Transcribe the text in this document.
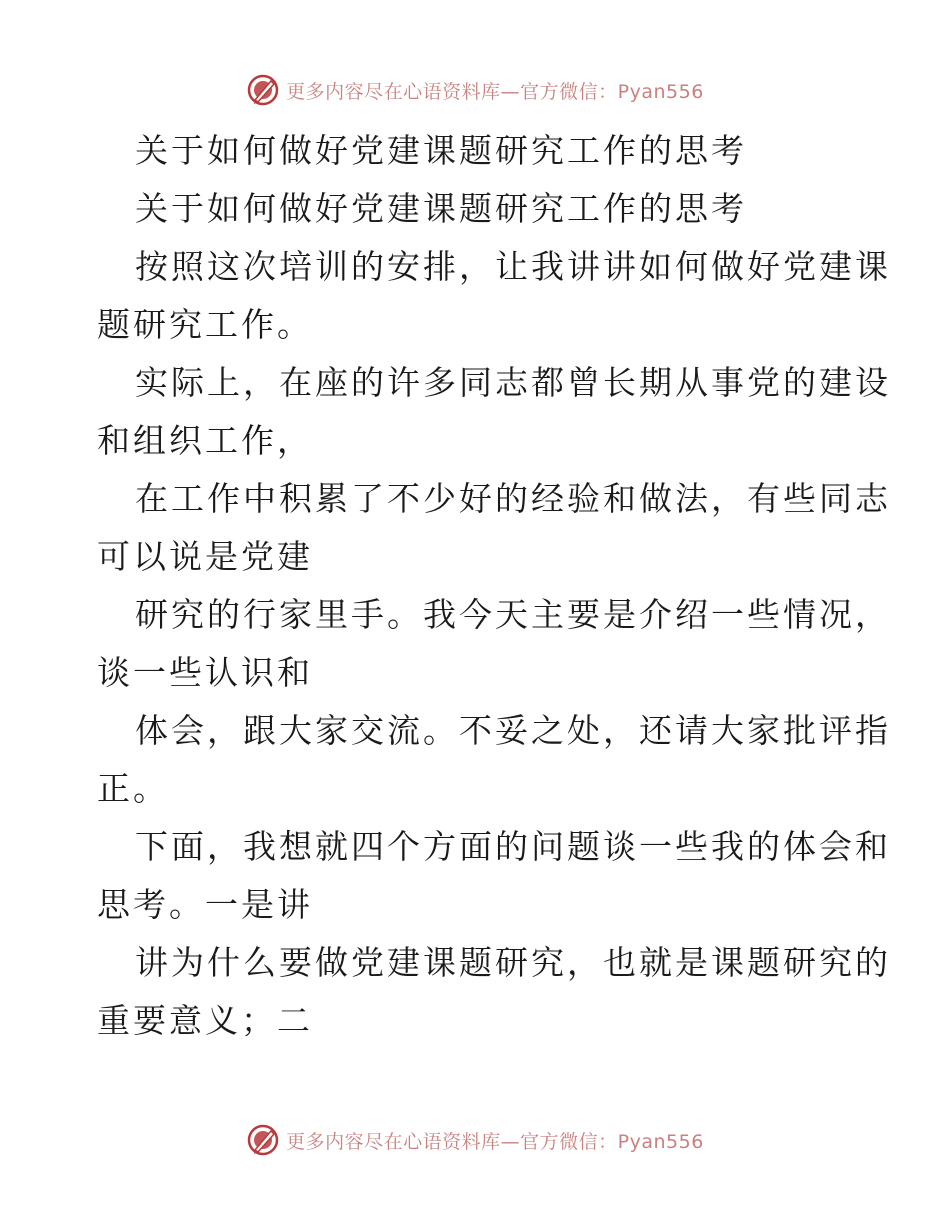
更多内容尽在心语资料库—官方微信：Pyan556
关于如何做好党建课题研究工作的思考
关于如何做好党建课题研究工作的思考
按照这次培训的安排，让我讲讲如何做好党建课
题研究工作。
实际上，在座的许多同志都曾长期从事党的建设
和组织工作，
在工作中积累了不少好的经验和做法，有些同志
可以说是党建
研究的行家里手。我今天主要是介绍一些情况，
谈一些认识和
体会，跟大家交流。不妥之处，还请大家批评指
正。
下面，我想就四个方面的问题谈一些我的体会和
思考。一是讲
讲为什么要做党建课题研究，也就是课题研究的
重要意义；二
更多内容尽在心语资料库—官方微信：Pyan556
